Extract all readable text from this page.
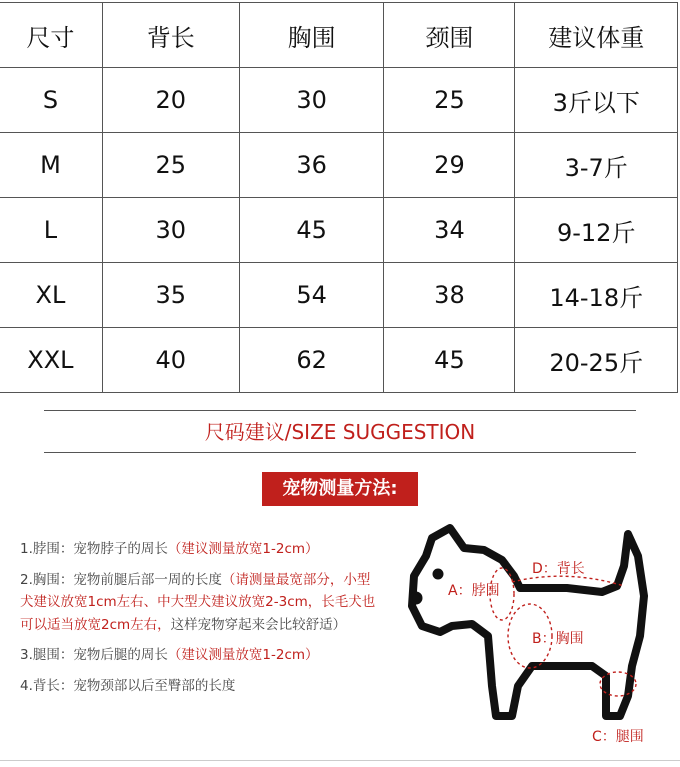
尺寸	背长	胸围	颈围	建议体重
S	20	30	25	3斤以下
M	25	36	29	3-7斤
L	30	45	34	9-12斤
XL	35	54	38	14-18斤
XXL	40	62	45	20-25斤
尺码建议/SIZE SUGGESTION
宠物测量方法:

1.脖围：宠物脖子的周长（建议测量放宽1-2cm）

2.胸围：宠物前腿后部一周的长度（请测量最宽部分，小型犬建议放宽1cm左右、中大型犬建议放宽2-3cm，长毛犬也可以适当放宽2cm左右，这样宠物穿起来会比较舒适）

3.腿围：宠物后腿的周长（建议测量放宽1-2cm）

4.背长：宠物颈部以后至臀部的长度

A：脖围
D：背长
B：胸围
C：腿围
